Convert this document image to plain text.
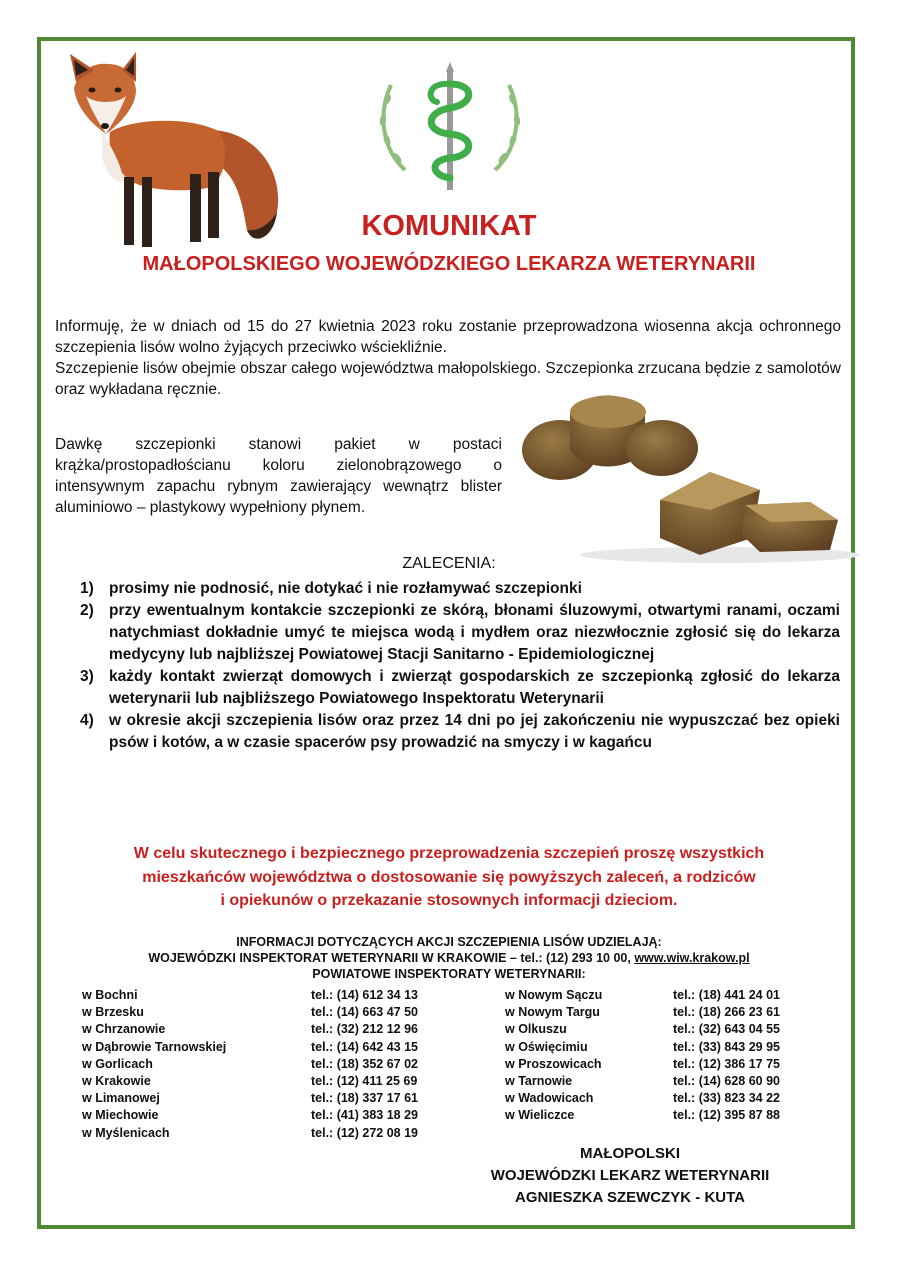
KOMUNIKAT
MAŁOPOLSKIEGO WOJEWÓDZKIEGO LEKARZA WETERYNARII
Informuję, że w dniach od 15 do 27 kwietnia 2023 roku zostanie przeprowadzona wiosenna akcja ochronnego szczepienia lisów wolno żyjących przeciwko wściekliźnie.
Szczepienie lisów obejmie obszar całego województwa małopolskiego. Szczepionka zrzucana będzie z samolotów oraz wykładana ręcznie.
Dawkę szczepionki stanowi pakiet w postaci krążka/prostopadłościanu koloru zielonobrązowego o intensywnym zapachu rybnym zawierający wewnątrz blister aluminiowo – plastykowy wypełniony płynem.
ZALECENIA:
1) prosimy nie podnosić, nie dotykać i nie rozłamywać szczepionki
2) przy ewentualnym kontakcie szczepionki ze skórą, błonami śluzowymi, otwartymi ranami, oczami natychmiast dokładnie umyć te miejsca wodą i mydłem oraz niezwłocznie zgłosić się do lekarza medycyny lub najbliższej Powiatowej Stacji Sanitarno - Epidemiologicznej
3) każdy kontakt zwierząt domowych i zwierząt gospodarskich ze szczepionką zgłosić do lekarza weterynarii lub najbliższego Powiatowego Inspektoratu Weterynarii
4) w okresie akcji szczepienia lisów oraz przez 14 dni po jej zakończeniu nie wypuszczać bez opieki psów i kotów, a w czasie spacerów psy prowadzić na smyczy i w kagańcu
W celu skutecznego i bezpiecznego przeprowadzenia szczepień proszę wszystkich
mieszkańców województwa o dostosowanie się powyższych zaleceń, a rodziców
i opiekunów o przekazanie stosownych informacji dzieciom.
INFORMACJI DOTYCZĄCYCH AKCJI SZCZEPIENIA LISÓW UDZIELAJĄ:
WOJEWÓDZKI INSPEKTORAT WETERYNARII W KRAKOWIE – tel.: (12) 293 10 00, www.wiw.krakow.pl
POWIATOWE INSPEKTORATY WETERYNARII:
w Bochni
w Brzesku
w Chrzanowie
w Dąbrowie Tarnowskiej
w Gorlicach
w Krakowie
w Limanowej
w Miechowie
w Myślenicach
tel.: (14) 612 34 13
tel.: (14) 663 47 50
tel.: (32) 212 12 96
tel.: (14) 642 43 15
tel.: (18) 352 67 02
tel.: (12) 411 25 69
tel.: (18) 337 17 61
tel.: (41) 383 18 29
tel.: (12) 272 08 19
w Nowym Sączu
w Nowym Targu
w Olkuszu
w Oświęcimiu
w Proszowicach
w Tarnowie
w Wadowicach
w Wieliczce
tel.: (18) 441 24 01
tel.: (18) 266 23 61
tel.: (32) 643 04 55
tel.: (33) 843 29 95
tel.: (12) 386 17 75
tel.: (14) 628 60 90
tel.: (33) 823 34 22
tel.: (12) 395 87 88
MAŁOPOLSKI
WOJEWÓDZKI LEKARZ WETERYNARII
AGNIESZKA SZEWCZYK - KUTA
